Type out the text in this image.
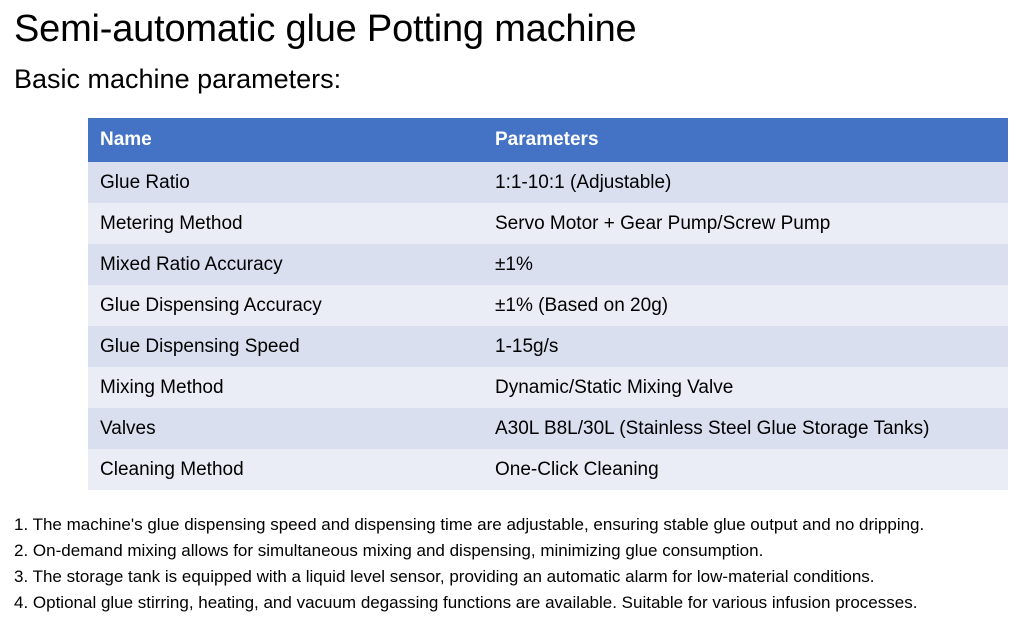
Semi-automatic glue Potting machine
Basic machine parameters:
Name	Parameters
Glue Ratio	1:1-10:1 (Adjustable)
Metering Method	Servo Motor + Gear Pump/Screw Pump
Mixed Ratio Accuracy	±1%
Glue Dispensing Accuracy	±1% (Based on 20g)
Glue Dispensing Speed	1-15g/s
Mixing Method	Dynamic/Static Mixing Valve
Valves	A30L B8L/30L (Stainless Steel Glue Storage Tanks)
Cleaning Method	One-Click Cleaning
1. The machine's glue dispensing speed and dispensing time are adjustable, ensuring stable glue output and no dripping.
2. On-demand mixing allows for simultaneous mixing and dispensing, minimizing glue consumption.
3. The storage tank is equipped with a liquid level sensor, providing an automatic alarm for low-material conditions.
4. Optional glue stirring, heating, and vacuum degassing functions are available. Suitable for various infusion processes.
